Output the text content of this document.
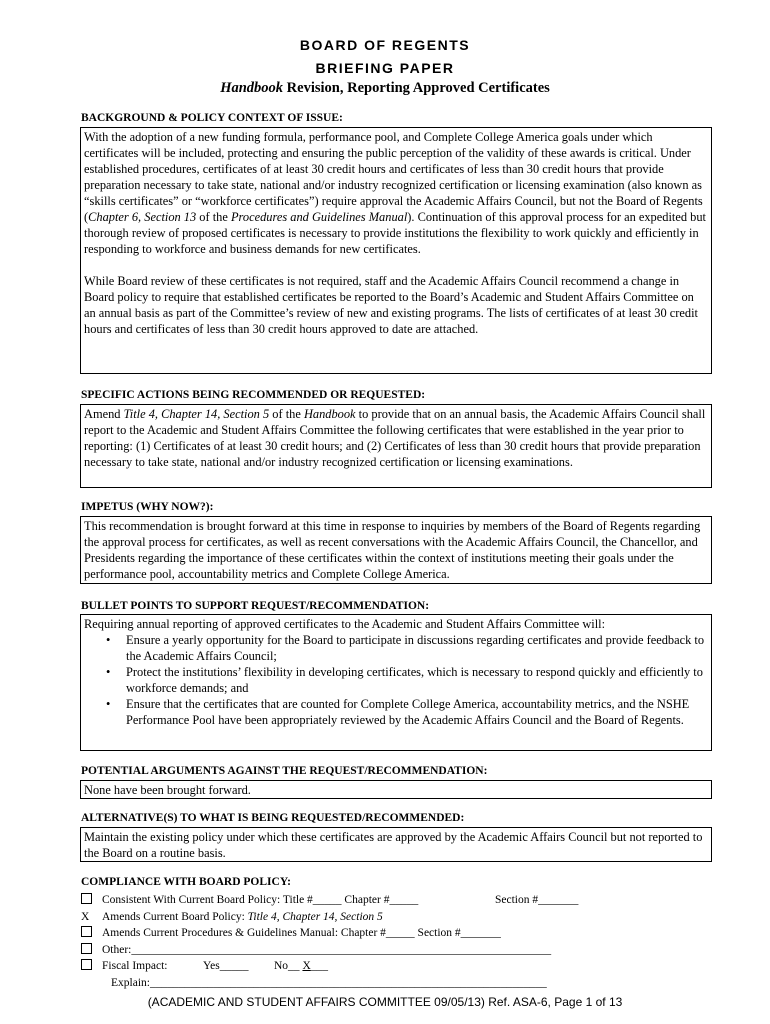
BOARD OF REGENTS
BRIEFING PAPER
Handbook Revision, Reporting Approved Certificates
BACKGROUND & POLICY CONTEXT OF ISSUE:

With the adoption of a new funding formula, performance pool, and Complete College America goals under which certificates will be included, protecting and ensuring the public perception of the validity of these awards is critical. Under established procedures, certificates of at least 30 credit hours and certificates of less than 30 credit hours that provide preparation necessary to take state, national and/or industry recognized certification or licensing examination (also known as “skills certificates” or “workforce certificates”) require approval the Academic Affairs Council, but not the Board of Regents (Chapter 6, Section 13 of the Procedures and Guidelines Manual). Continuation of this approval process for an expedited but thorough review of proposed certificates is necessary to provide institutions the flexibility to work quickly and efficiently in responding to workforce and business demands for new certificates.

While Board review of these certificates is not required, staff and the Academic Affairs Council recommend a change in Board policy to require that established certificates be reported to the Board’s Academic and Student Affairs Committee on an annual basis as part of the Committee’s review of new and existing programs. The lists of certificates of at least 30 credit hours and certificates of less than 30 credit hours approved to date are attached.

SPECIFIC ACTIONS BEING RECOMMENDED OR REQUESTED:

Amend Title 4, Chapter 14, Section 5 of the Handbook to provide that on an annual basis, the Academic Affairs Council shall report to the Academic and Student Affairs Committee the following certificates that were established in the year prior to reporting: (1) Certificates of at least 30 credit hours; and (2) Certificates of less than 30 credit hours that provide preparation necessary to take state, national and/or industry recognized certification or licensing examinations.

IMPETUS (WHY NOW?):

This recommendation is brought forward at this time in response to inquiries by members of the Board of Regents regarding the approval process for certificates, as well as recent conversations with the Academic Affairs Council, the Chancellor, and Presidents regarding the importance of these certificates within the context of institutions meeting their goals under the performance pool, accountability metrics and Complete College America.

BULLET POINTS TO SUPPORT REQUEST/RECOMMENDATION:

Requiring annual reporting of approved certificates to the Academic and Student Affairs Committee will:

• Ensure a yearly opportunity for the Board to participate in discussions regarding certificates and provide feedback to the Academic Affairs Council;
• Protect the institutions’ flexibility in developing certificates, which is necessary to respond quickly and efficiently to workforce demands; and
• Ensure that the certificates that are counted for Complete College America, accountability metrics, and the NSHE Performance Pool have been appropriately reviewed by the Academic Affairs Council and the Board of Regents.
POTENTIAL ARGUMENTS AGAINST THE REQUEST/RECOMMENDATION:

None have been brought forward.

ALTERNATIVE(S) TO WHAT IS BEING REQUESTED/RECOMMENDED:

Maintain the existing policy under which these certificates are approved by the Academic Affairs Council but not reported to the Board on a routine basis.

COMPLIANCE WITH BOARD POLICY:
Consistent With Current Board Policy: Title #_____ Chapter #_____	Section #_______
X Amends Current Board Policy: Title 4, Chapter 14, Section 5
Amends Current Procedures & Guidelines Manual: Chapter #_____ Section #_______
Other:_________________________________________________________________________
Fiscal Impact:	Yes_____ No__ X___
Explain:_____________________________________________________________________
(ACADEMIC AND STUDENT AFFAIRS COMMITTEE 09/05/13) Ref. ASA-6, Page 1 of 13
